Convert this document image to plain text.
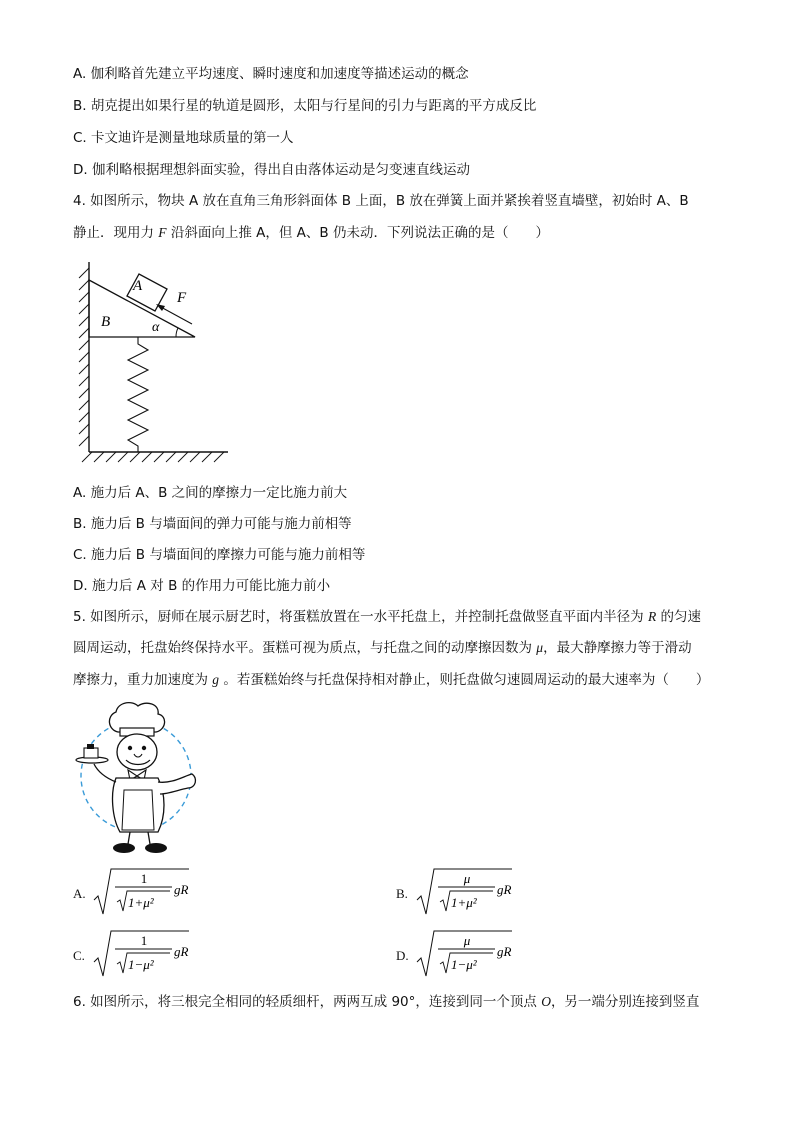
A. 伽利略首先建立平均速度、瞬时速度和加速度等描述运动的概念
B. 胡克提出如果行星的轨道是圆形，太阳与行星间的引力与距离的平方成反比
C. 卡文迪许是测量地球质量的第一人
D. 伽利略根据理想斜面实验，得出自由落体运动是匀变速直线运动
4. 如图所示，物块 A 放在直角三角形斜面体 B 上面，B 放在弹簧上面并紧挨着竖直墙壁，初始时 A、B
静止．现用力 F 沿斜面向上推 A，但 A、B 仍未动．下列说法正确的是（　　）
A
F
B	α
A. 施力后 A、B 之间的摩擦力一定比施力前大
B. 施力后 B 与墙面间的弹力可能与施力前相等
C. 施力后 B 与墙面间的摩擦力可能与施力前相等
D. 施力后 A 对 B 的作用力可能比施力前小
5. 如图所示，厨师在展示厨艺时，将蛋糕放置在一水平托盘上，并控制托盘做竖直平面内半径为 R 的匀速
圆周运动，托盘始终保持水平。蛋糕可视为质点，与托盘之间的动摩擦因数为 μ，最大静摩擦力等于滑动
摩擦力，重力加速度为 g 。若蛋糕始终与托盘保持相对静止，则托盘做匀速圆周运动的最大速率为（　　）
A.
1
1+μ²
gR	B.
μ
1+μ²
gR
C.
1
1−μ²
gR	D.
μ
1−μ²
gR
6. 如图所示，将三根完全相同的轻质细杆，两两互成 90°，连接到同一个顶点 O，另一端分别连接到竖直
